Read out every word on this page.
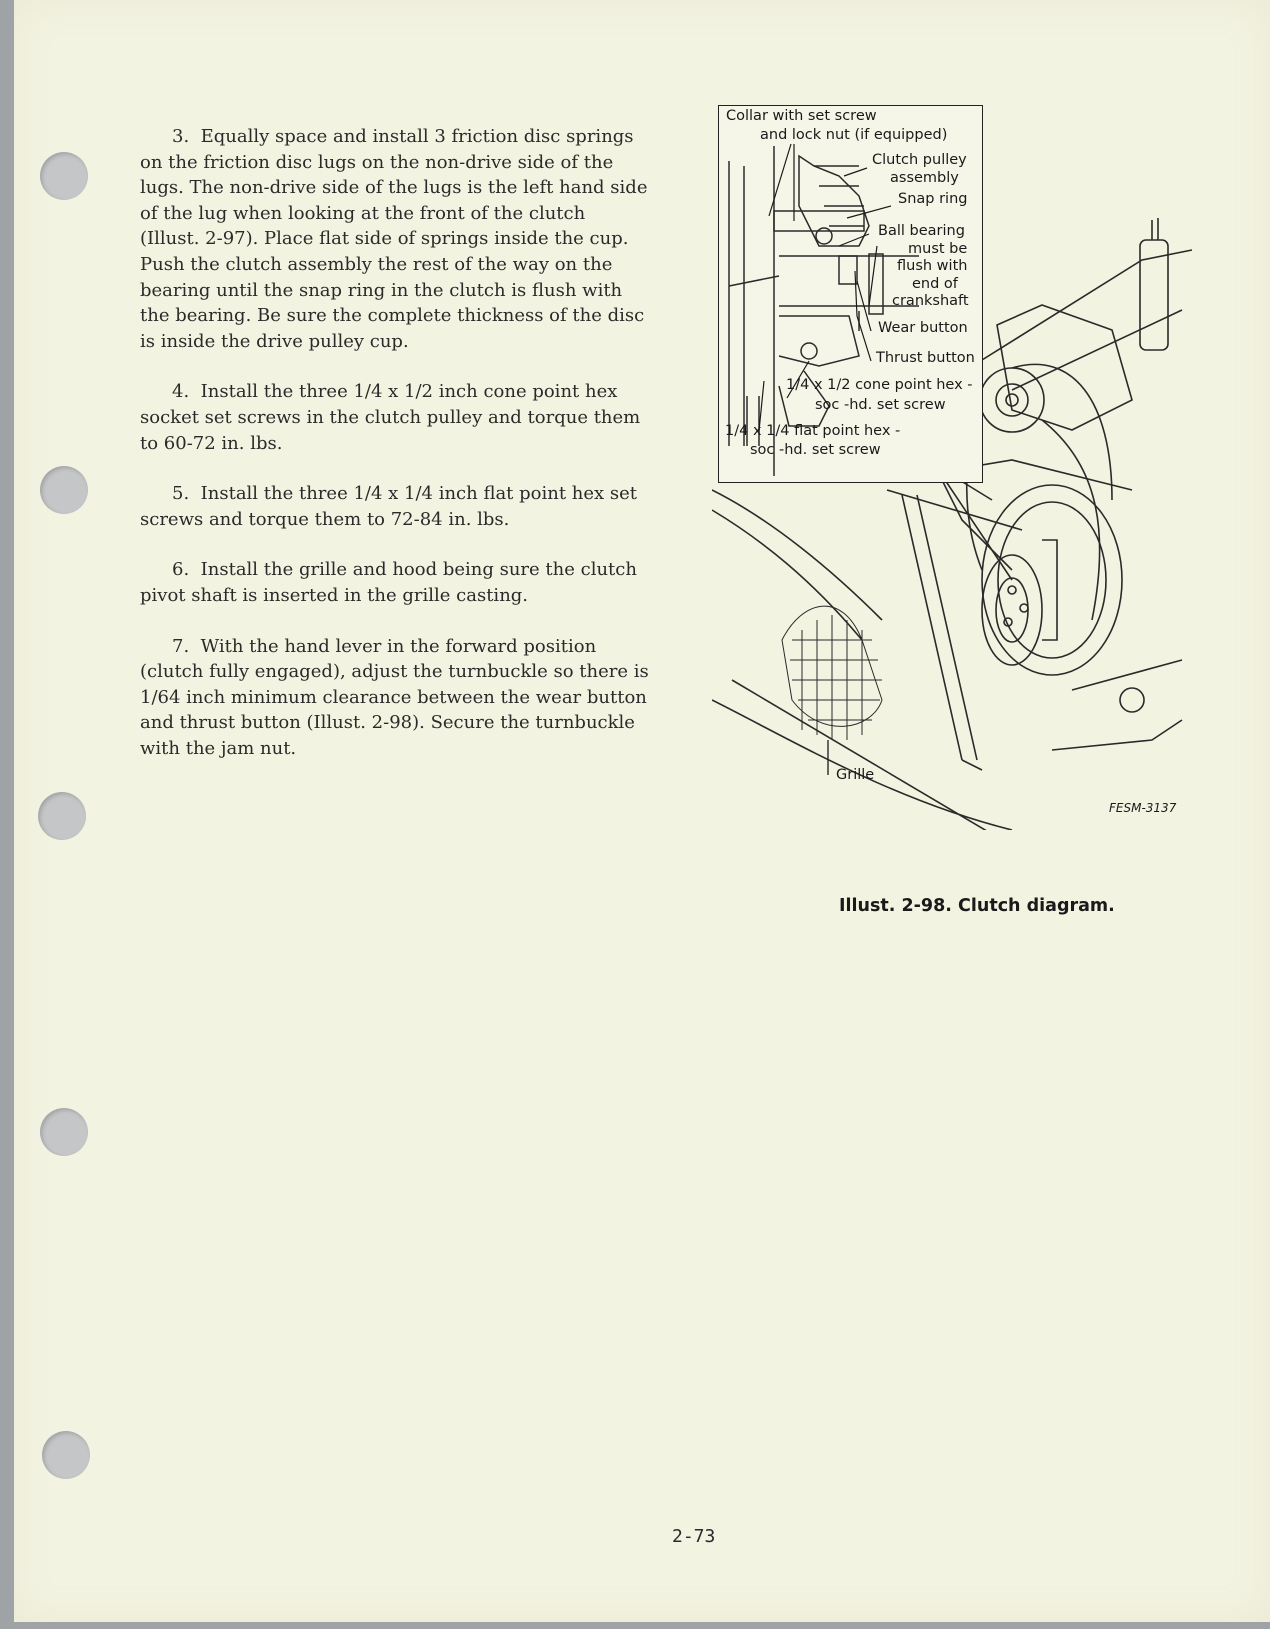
3. Equally space and install 3 friction disc springs on the friction disc lugs on the non-drive side of the lugs. The non-drive side of the lugs is the left hand side of the lug when looking at the front of the clutch (Illust. 2-97). Place flat side of springs inside the cup. Push the clutch assembly the rest of the way on the bearing until the snap ring in the clutch is flush with the bearing. Be sure the complete thickness of the disc is inside the drive pulley cup.

4. Install the three 1/4 x 1/2 inch cone point hex socket set screws in the clutch pulley and torque them to 60-72 in. lbs.

5. Install the three 1/4 x 1/4 inch flat point hex set screws and torque them to 72-84 in. lbs.

6. Install the grille and hood being sure the clutch pivot shaft is inserted in the grille casting.

7. With the hand lever in the forward position (clutch fully engaged), adjust the turnbuckle so there is 1/64 inch minimum clearance between the wear button and thrust button (Illust. 2-98). Secure the turnbuckle with the jam nut.

Collar with set screw
and lock nut (if equipped)
Clutch pulley
assembly
Snap ring
Ball bearing
must be
flush with
end of
crankshaft
Wear button
Thrust button
1/4 x 1/2 cone point hex -
soc -hd. set screw
1/4 x 1/4 flat point hex -
soc -hd. set screw
Grille
FESM-3137
Illust. 2-98. Clutch diagram.
2-73
